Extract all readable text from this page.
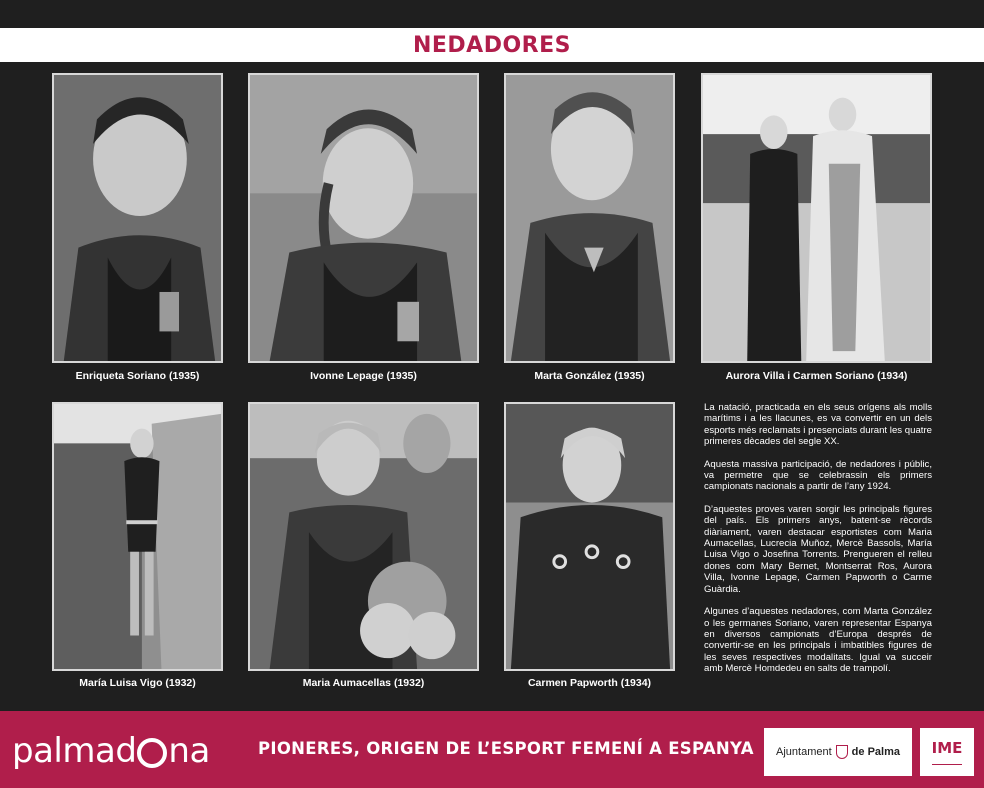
NEDADORES
Enriqueta Soriano (1935)	Ivonne Lepage (1935)	Marta González (1935)	Aurora Villa i Carmen Soriano (1934)
María Luisa Vigo (1932)	Maria Aumacellas (1932)	Carmen Papworth (1934)

La natació, practicada en els seus orígens als molls marítims i a les llacunes, es va convertir en un dels esports més reclamats i presenciats durant les quatre primeres dècades del segle XX.

Aquesta massiva participació, de nedadores i públic, va permetre que se celebrassin els primers campionats nacionals a partir de l’any 1924.

D’aquestes proves varen sorgir les principals figures del país. Els primers anys, batent-se rècords diàriament, varen destacar esportistes com Maria Aumacellas, Lucrecia Muñoz, Mercè Bassols, María Luisa Vigo o Josefina Torrents. Prengueren el relleu dones com Mary Bernet, Montserrat Ros, Aurora Villa, Ivonne Lepage, Carmen Papworth o Carme Guàrdia.

Algunes d’aquestes nedadores, com Marta González o les germanes Soriano, varen representar Espanya en diversos campionats d’Europa després de convertir-se en les principals i imbatibles figures de les seves respectives modalitats. Igual va succeir amb Mercè Homdedeu en salts de trampolí.

palmad na	PIONERES, ORIGEN DE L’ESPORT FEMENÍ A ESPANYA Ajuntament de Palma IME
